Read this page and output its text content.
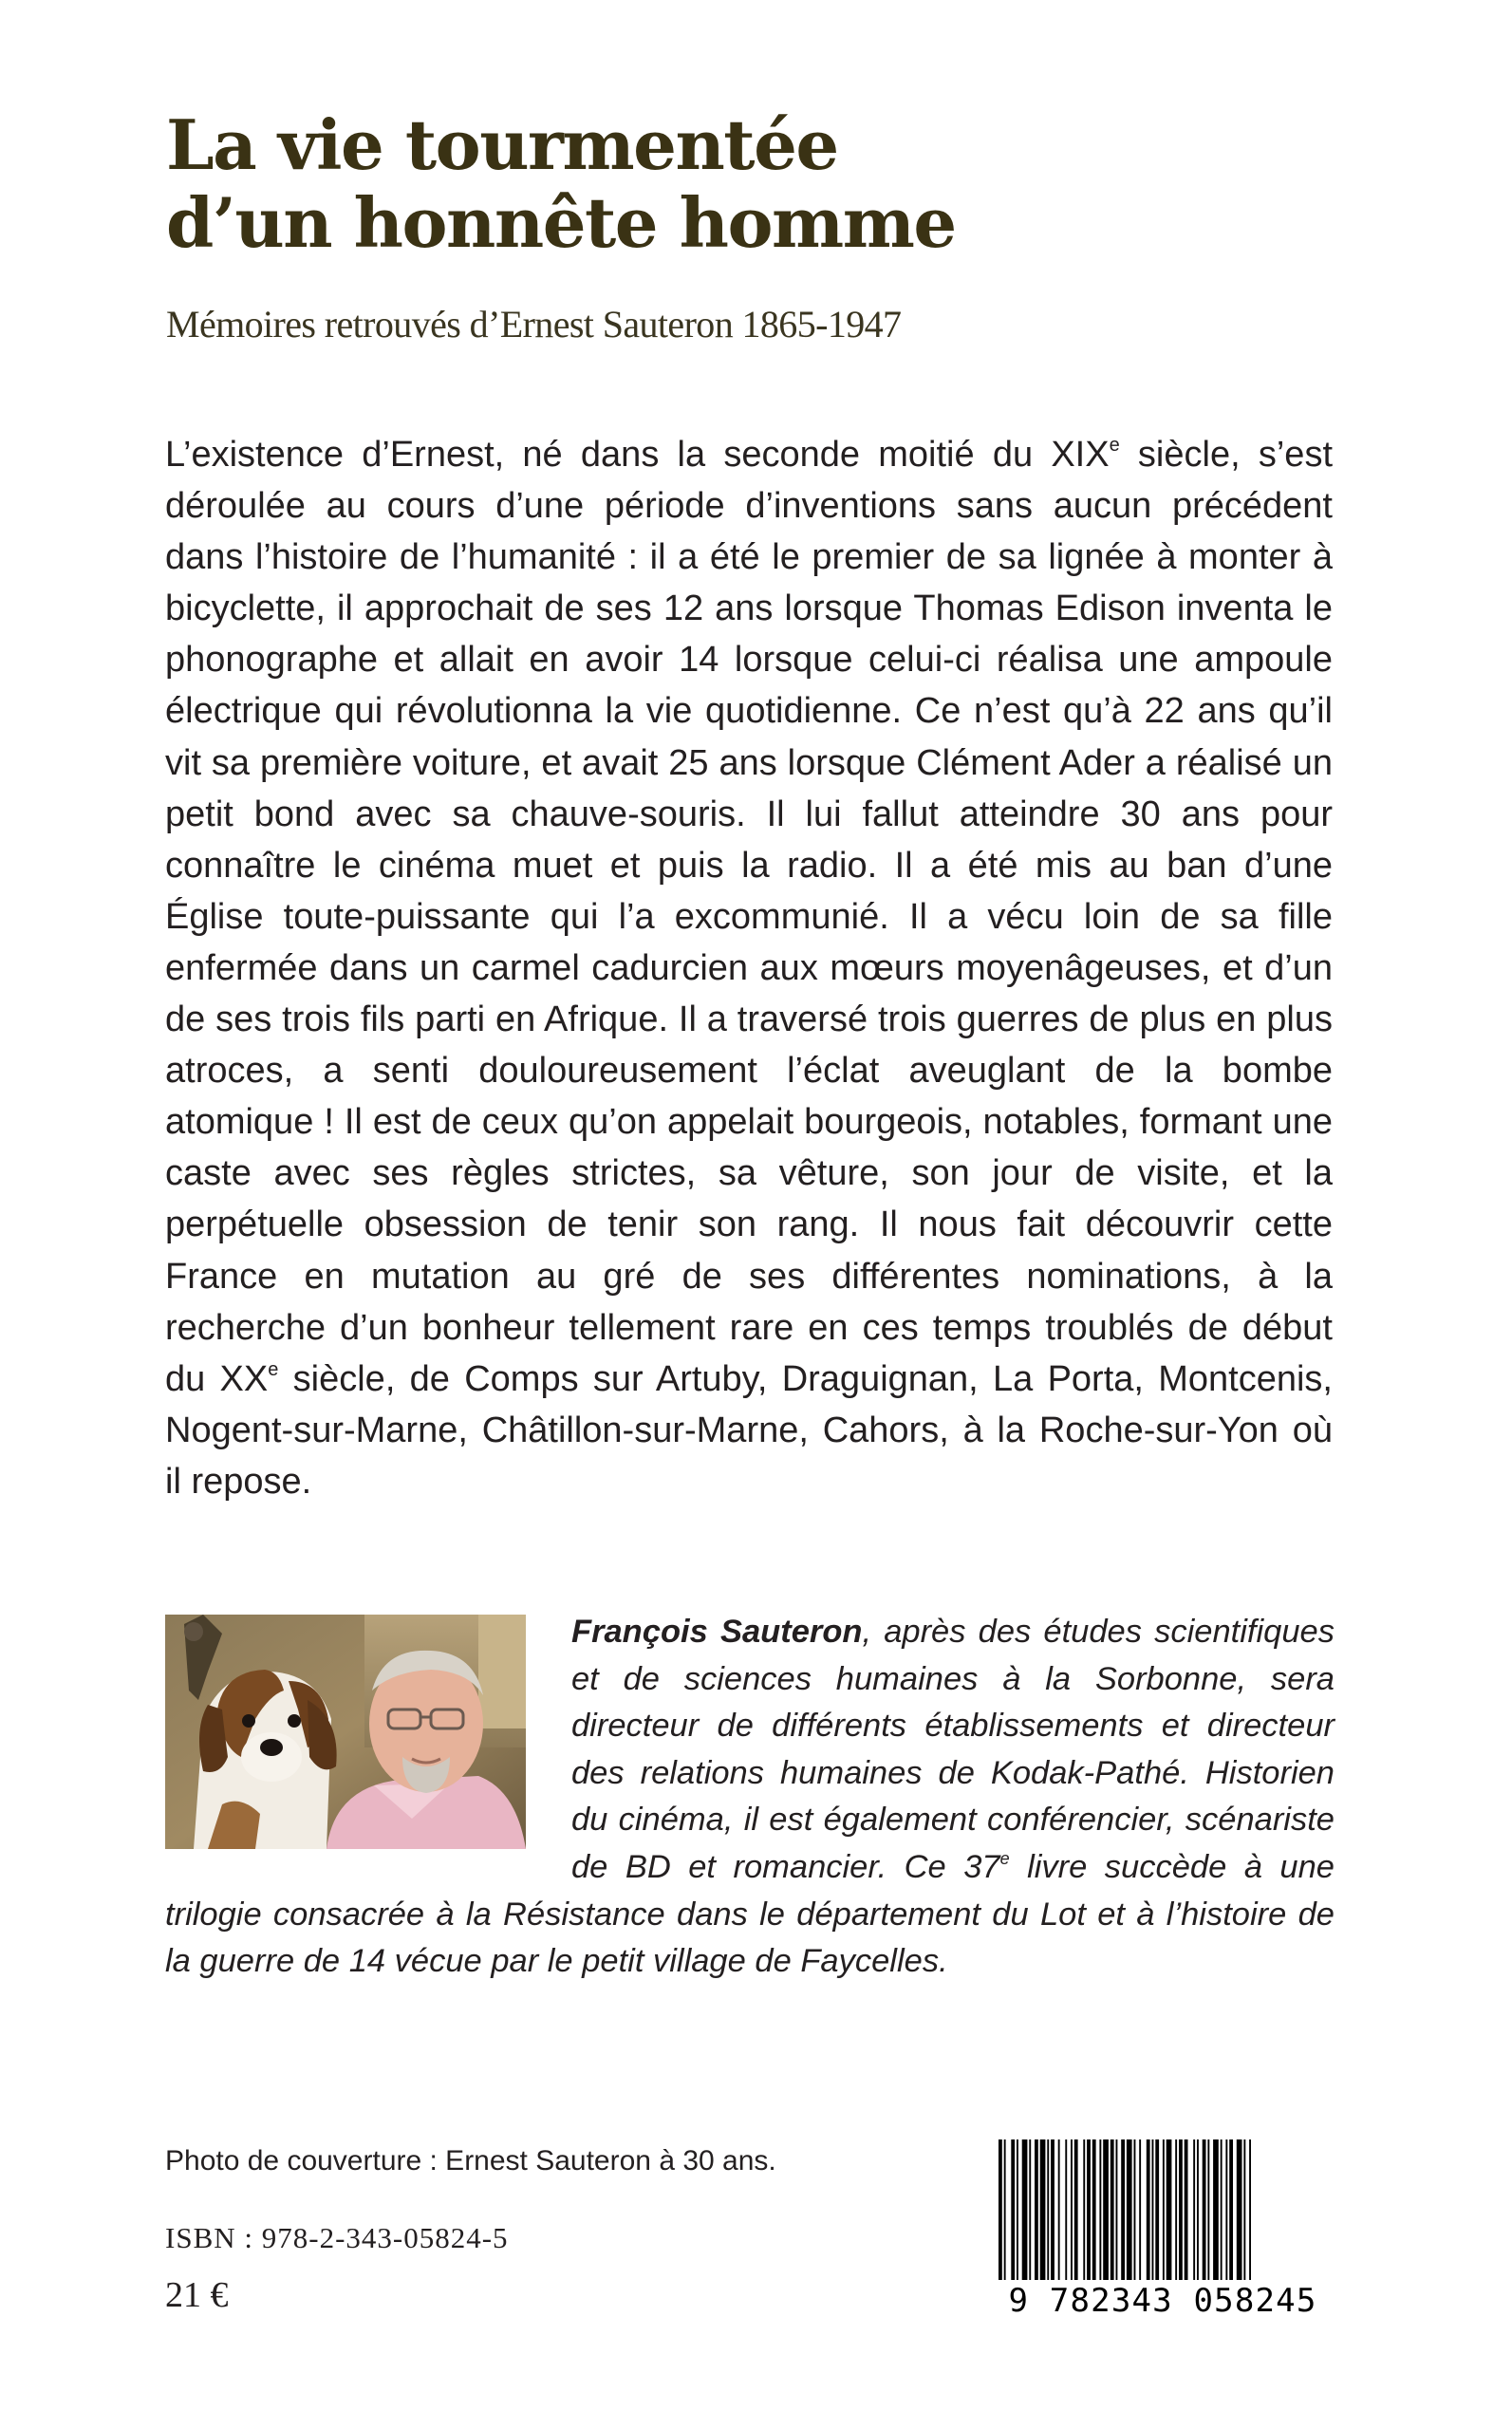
La vie tourmentée
d’un honnête homme

Mémoires retrouvés d’Ernest Sauteron 1865-1947

L’existence d’Ernest, né dans la seconde moitié du XIXe siècle, s’est déroulée au cours d’une période d’inventions sans aucun précédent dans l’histoire de l’humanité : il a été le premier de sa lignée à monter à bicyclette, il approchait de ses 12 ans lorsque Thomas Edison inventa le phonographe et allait en avoir 14 lorsque celui-ci réalisa une ampoule électrique qui révolutionna la vie quotidienne. Ce n’est qu’à 22 ans qu’il vit sa première voiture, et avait 25 ans lorsque Clément Ader a réalisé un petit bond avec sa chauve-souris. Il lui fallut atteindre 30 ans pour connaître le cinéma muet et puis la radio. Il a été mis au ban d’une Église toute-puissante qui l’a excommunié. Il a vécu loin de sa fille enfermée dans un carmel cadurcien aux mœurs moyenâgeuses, et d’un de ses trois fils parti en Afrique. Il a traversé trois guerres de plus en plus atroces, a senti douloureusement l’éclat aveuglant de la bombe atomique ! Il est de ceux qu’on appelait bourgeois, notables, formant une caste avec ses règles strictes, sa vêture, son jour de visite, et la perpétuelle obsession de tenir son rang. Il nous fait découvrir cette France en mutation au gré de ses différentes nominations, à la recherche d’un bonheur tellement rare en ces temps troublés de début du XXe siècle, de Comps sur Artuby, Draguignan, La Porta, Montcenis, Nogent-sur-Marne, Châtillon-sur-Marne, Cahors, à la Roche-sur-Yon où il repose.

François Sauteron, après des études scientifiques et de sciences humaines à la Sorbonne, sera directeur de différents établissements et directeur des relations humaines de Kodak-Pathé. Historien du cinéma, il est également conférencier, scénariste de BD et romancier. Ce 37e livre succède à une trilogie consacrée à la Résistance dans le département du Lot et à l’histoire de la guerre de 14 vécue par le petit village de Faycelles.

Photo de couverture : Ernest Sauteron à 30 ans.

ISBN : 978-2-343-05824-5

21 €	9 782343 058245
